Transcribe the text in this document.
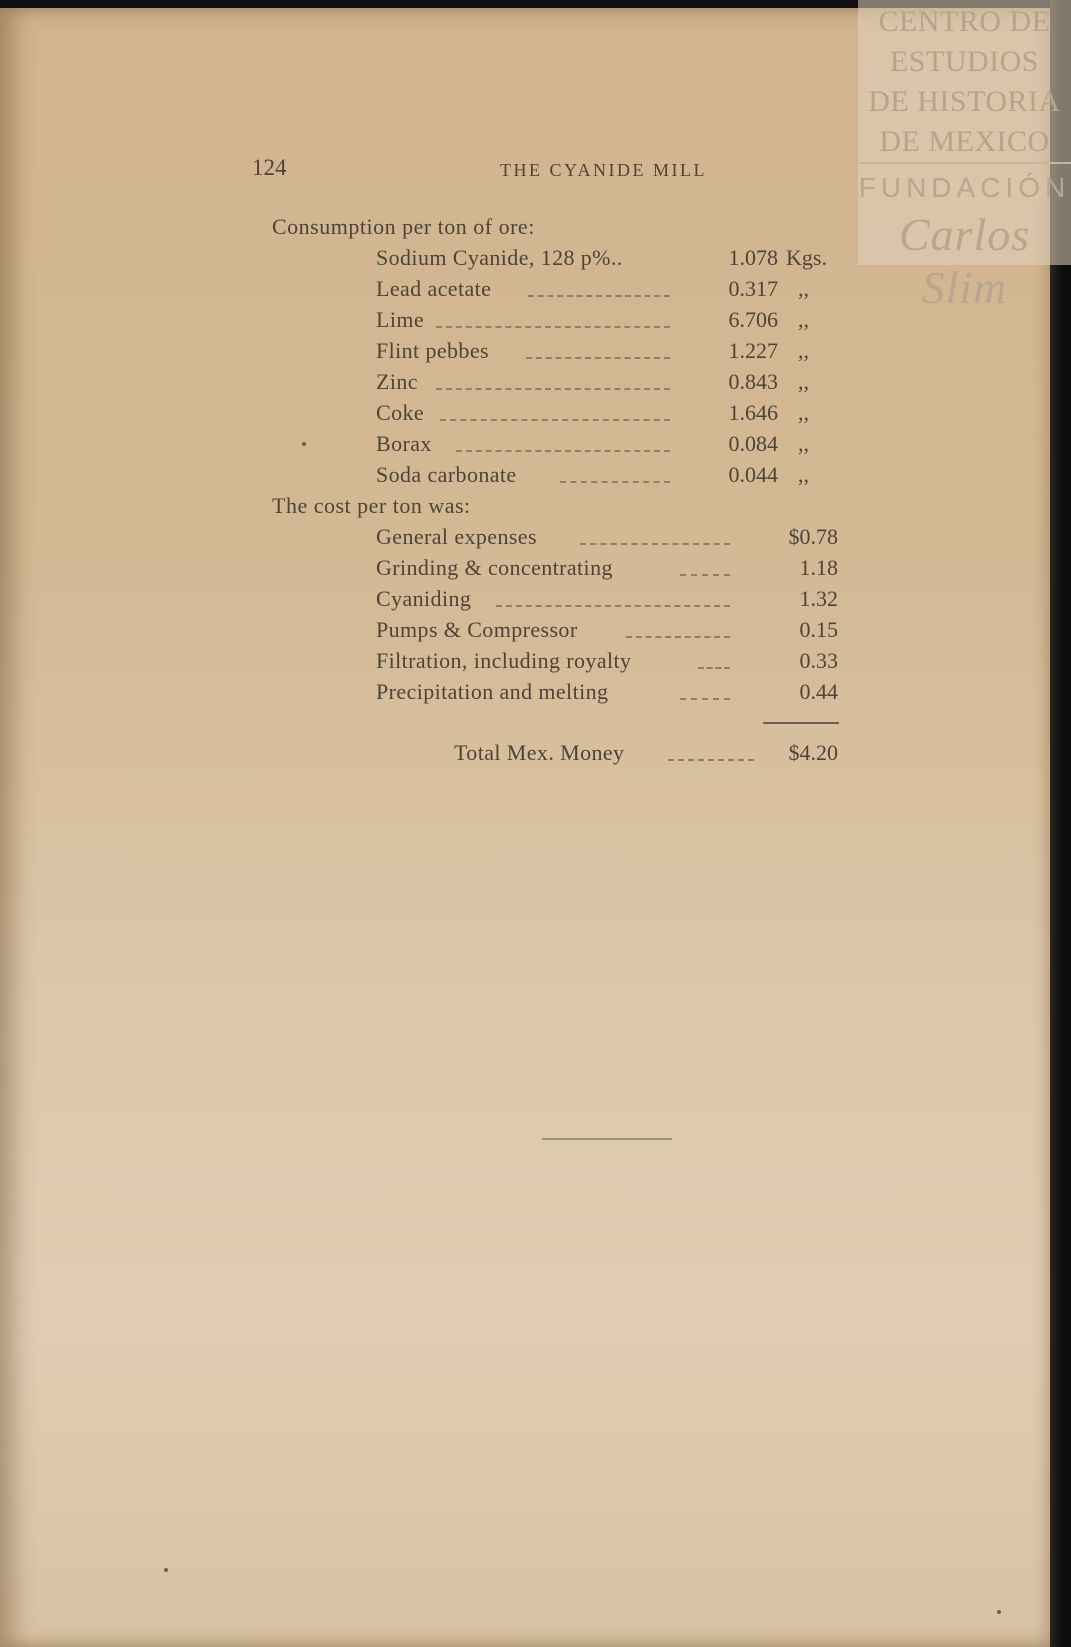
CENTRO DE
ESTUDIOS
DE HISTORIA
DE MEXICO
FUNDACIÓN
Carlos Slim
124	THE CYANIDE MILL
Consumption per ton of ore:
Sodium Cyanide, 128 p%..	1.078 Kgs.
Lead acetate	0.317 ,,
Lime	6.706 ,,
Flint pebbes	1.227 ,,
Zinc	0.843 ,,
Coke	1.646 ,,
Borax	0.084 ,,
Soda carbonate	0.044 ,,
The cost per ton was:
General expenses	$0.78
Grinding & concentrating	1.18
Cyaniding	1.32
Pumps & Compressor	0.15
Filtration, including royalty	0.33
Precipitation and melting	0.44
Total Mex. Money	$4.20
